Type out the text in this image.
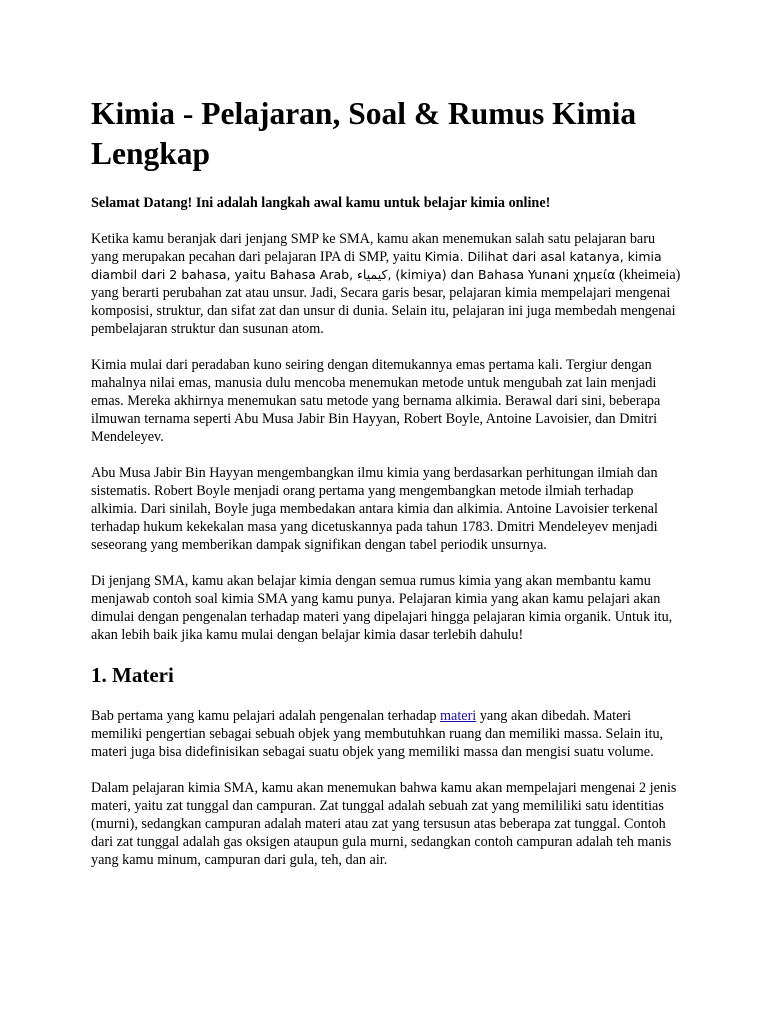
Kimia - Pelajaran, Soal & Rumus Kimia Lengkap
Selamat Datang! Ini adalah langkah awal kamu untuk belajar kimia online!

Ketika kamu beranjak dari jenjang SMP ke SMA, kamu akan menemukan salah satu pelajaran baru yang merupakan pecahan dari pelajaran IPA di SMP, yaitu Kimia. Dilihat dari asal katanya, kimia diambil dari 2 bahasa, yaitu Bahasa Arab, كيمياء, (kimiya) dan Bahasa Yunani χημεία (kheimeia) yang berarti perubahan zat atau unsur. Jadi, Secara garis besar, pelajaran kimia mempelajari mengenai komposisi, struktur, dan sifat zat dan unsur di dunia. Selain itu, pelajaran ini juga membedah mengenai pembelajaran struktur dan susunan atom.

Kimia mulai dari peradaban kuno seiring dengan ditemukannya emas pertama kali. Tergiur dengan mahalnya nilai emas, manusia dulu mencoba menemukan metode untuk mengubah zat lain menjadi emas. Mereka akhirnya menemukan satu metode yang bernama alkimia. Berawal dari sini, beberapa ilmuwan ternama seperti Abu Musa Jabir Bin Hayyan, Robert Boyle, Antoine Lavoisier, dan Dmitri Mendeleyev.

Abu Musa Jabir Bin Hayyan mengembangkan ilmu kimia yang berdasarkan perhitungan ilmiah dan sistematis. Robert Boyle menjadi orang pertama yang mengembangkan metode ilmiah terhadap alkimia. Dari sinilah, Boyle juga membedakan antara kimia dan alkimia. Antoine Lavoisier terkenal terhadap hukum kekekalan masa yang dicetuskannya pada tahun 1783. Dmitri Mendeleyev menjadi seseorang yang memberikan dampak signifikan dengan tabel periodik unsurnya.

Di jenjang SMA, kamu akan belajar kimia dengan semua rumus kimia yang akan membantu kamu menjawab contoh soal kimia SMA yang kamu punya. Pelajaran kimia yang akan kamu pelajari akan dimulai dengan pengenalan terhadap materi yang dipelajari hingga pelajaran kimia organik. Untuk itu, akan lebih baik jika kamu mulai dengan belajar kimia dasar terlebih dahulu!

1. Materi

Bab pertama yang kamu pelajari adalah pengenalan terhadap materi yang akan dibedah. Materi memiliki pengertian sebagai sebuah objek yang membutuhkan ruang dan memiliki massa. Selain itu, materi juga bisa didefinisikan sebagai suatu objek yang memiliki massa dan mengisi suatu volume.

Dalam pelajaran kimia SMA, kamu akan menemukan bahwa kamu akan mempelajari mengenai 2 jenis materi, yaitu zat tunggal dan campuran. Zat tunggal adalah sebuah zat yang memililiki satu identitias (murni), sedangkan campuran adalah materi atau zat yang tersusun atas beberapa zat tunggal. Contoh dari zat tunggal adalah gas oksigen ataupun gula murni, sedangkan contoh campuran adalah teh manis yang kamu minum, campuran dari gula, teh, dan air.
